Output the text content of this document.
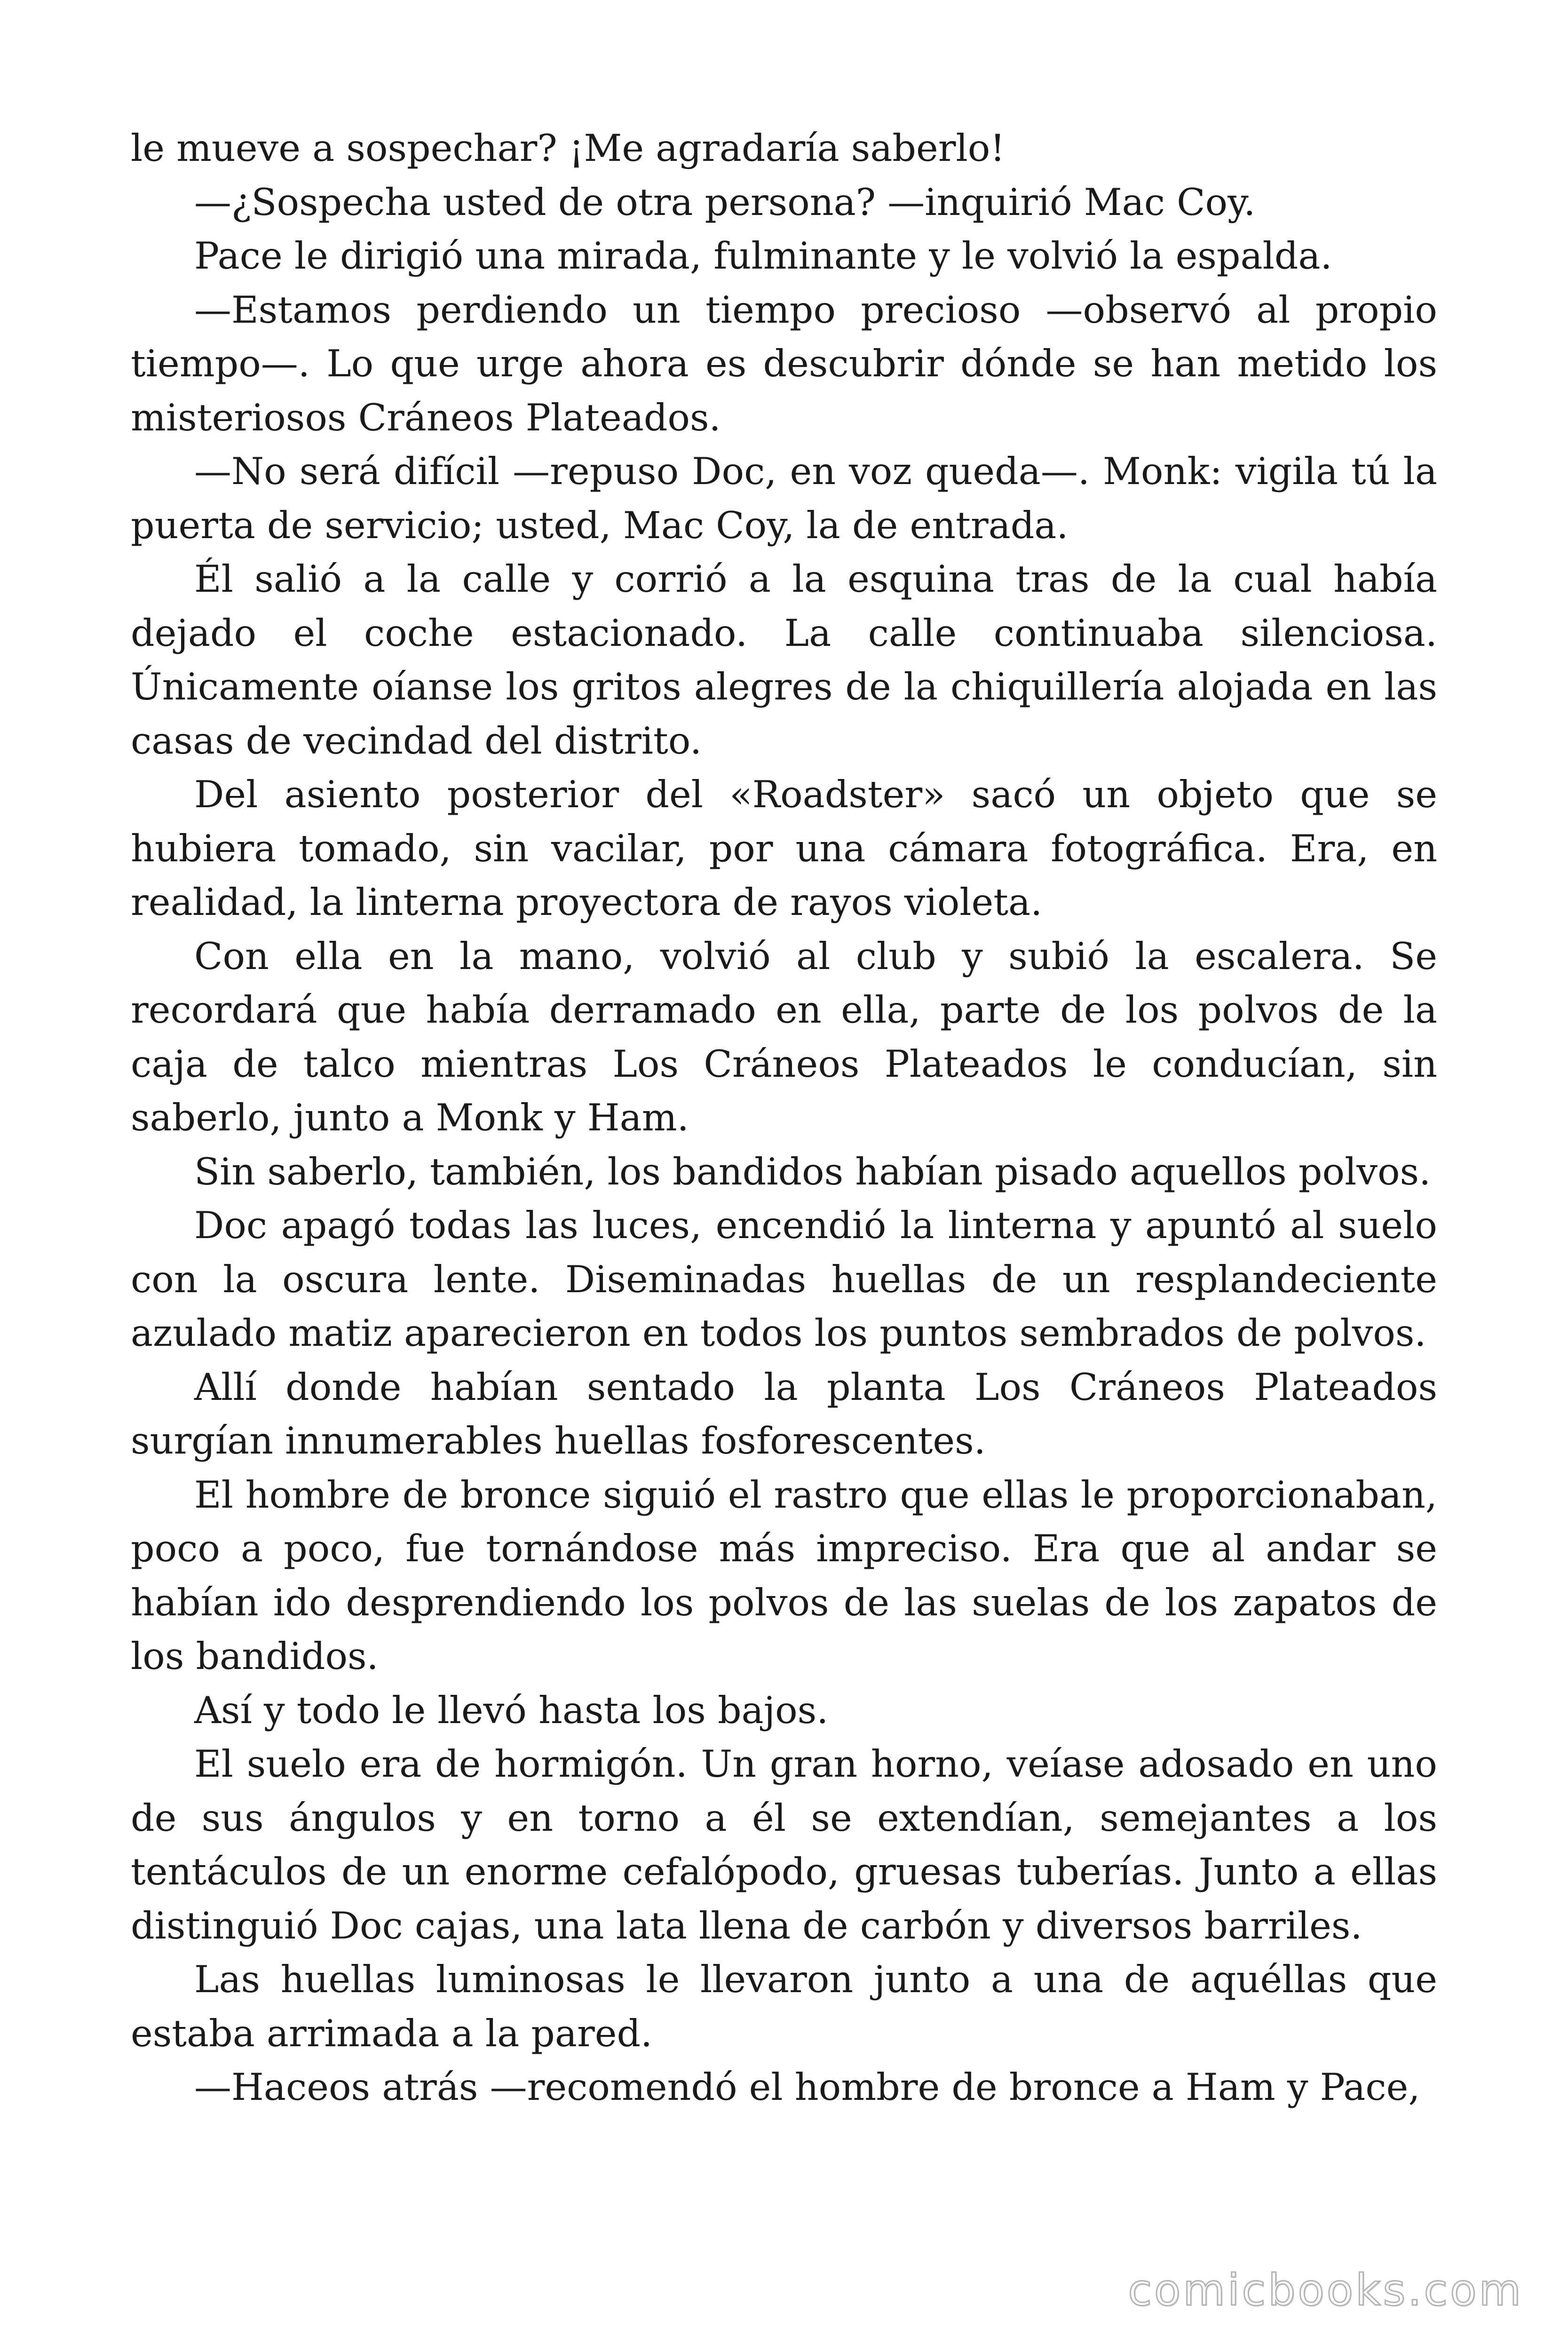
le mueve a sospechar? ¡Me agradaría saberlo!

—¿Sospecha usted de otra persona? —inquirió Mac Coy.

Pace le dirigió una mirada, fulminante y le volvió la espalda.

—Estamos perdiendo un tiempo precioso —observó al propio tiempo—. Lo que urge ahora es descubrir dónde se han metido los misteriosos Cráneos Plateados.

—No será difícil —repuso Doc, en voz queda—. Monk: vigila tú la puerta de servicio; usted, Mac Coy, la de entrada.

Él salió a la calle y corrió a la esquina tras de la cual había dejado el coche estacionado. La calle continuaba silenciosa. Únicamente oíanse los gritos alegres de la chiquillería alojada en las casas de vecindad del distrito.

Del asiento posterior del «Roadster» sacó un objeto que se hubiera tomado, sin vacilar, por una cámara fotográfica. Era, en realidad, la linterna proyectora de rayos violeta.

Con ella en la mano, volvió al club y subió la escalera. Se recordará que había derramado en ella, parte de los polvos de la caja de talco mientras Los Cráneos Plateados le conducían, sin saberlo, junto a Monk y Ham.

Sin saberlo, también, los bandidos habían pisado aquellos polvos.

Doc apagó todas las luces, encendió la linterna y apuntó al suelo con la oscura lente. Diseminadas huellas de un resplandeciente azulado matiz aparecieron en todos los puntos sembrados de polvos.

Allí donde habían sentado la planta Los Cráneos Plateados surgían innumerables huellas fosforescentes.

El hombre de bronce siguió el rastro que ellas le proporcionaban, poco a poco, fue tornándose más impreciso. Era que al andar se habían ido desprendiendo los polvos de las suelas de los zapatos de los bandidos.

Así y todo le llevó hasta los bajos.

El suelo era de hormigón. Un gran horno, veíase adosado en uno de sus ángulos y en torno a él se extendían, semejantes a los tentáculos de un enorme cefalópodo, gruesas tuberías. Junto a ellas distinguió Doc cajas, una lata llena de carbón y diversos barriles.

Las huellas luminosas le llevaron junto a una de aquéllas que estaba arrimada a la pared.

—Haceos atrás —recomendó el hombre de bronce a Ham y Pace,

comicbooks.com
